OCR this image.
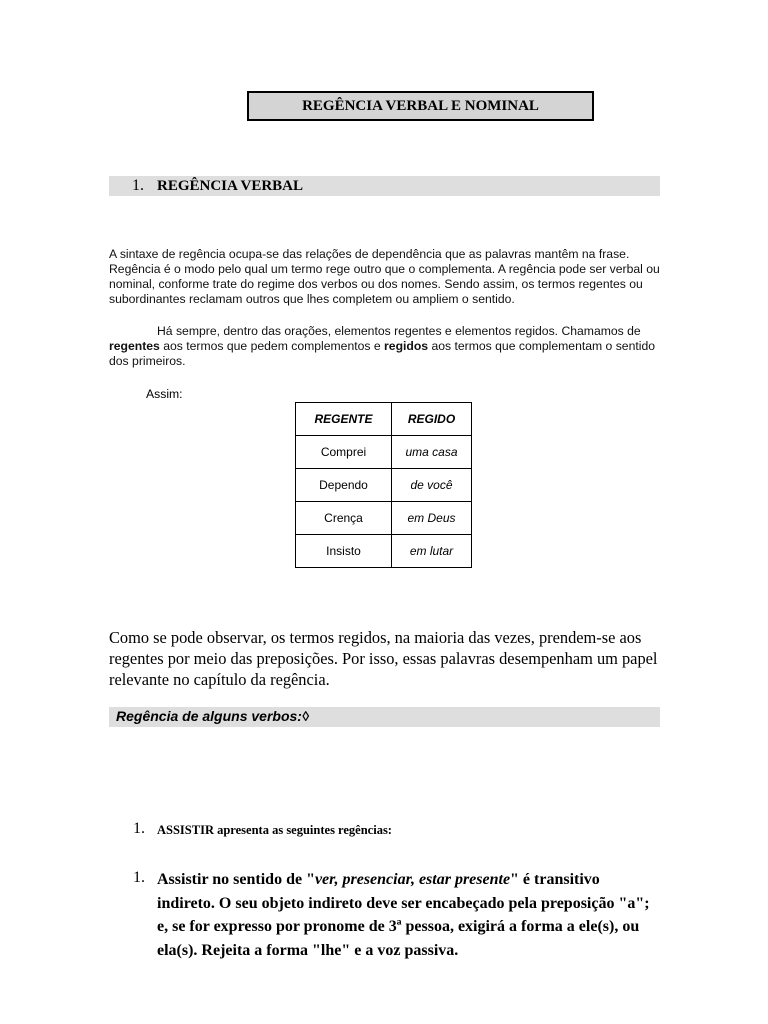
REGÊNCIA VERBAL E NOMINAL
1. REGÊNCIA VERBAL
A sintaxe de regência ocupa-se das relações de dependência que as palavras mantêm na frase. Regência é o modo pelo qual um termo rege outro que o complementa. A regência pode ser verbal ou nominal, conforme trate do regime dos verbos ou dos nomes. Sendo assim, os termos regentes ou subordinantes reclamam outros que lhes completem ou ampliem o sentido.
Há sempre, dentro das orações, elementos regentes e elementos regidos. Chamamos de regentes aos termos que pedem complementos e regidos aos termos que complementam o sentido dos primeiros.
Assim:
REGENTE	REGIDO
Comprei	uma casa
Dependo	de você
Crença	em Deus
Insisto	em lutar
Como se pode observar, os termos regidos, na maioria das vezes, prendem-se aos regentes por meio das preposições. Por isso, essas palavras desempenham um papel relevante no capítulo da regência.
Regência de alguns verbos:◊
1. ASSISTIR apresenta as seguintes regências:
1. Assistir no sentido de "ver, presenciar, estar presente" é transitivo indireto. O seu objeto indireto deve ser encabeçado pela preposição "a"; e, se for expresso por pronome de 3ª pessoa, exigirá a forma a ele(s), ou ela(s). Rejeita a forma "lhe" e a voz passiva.
